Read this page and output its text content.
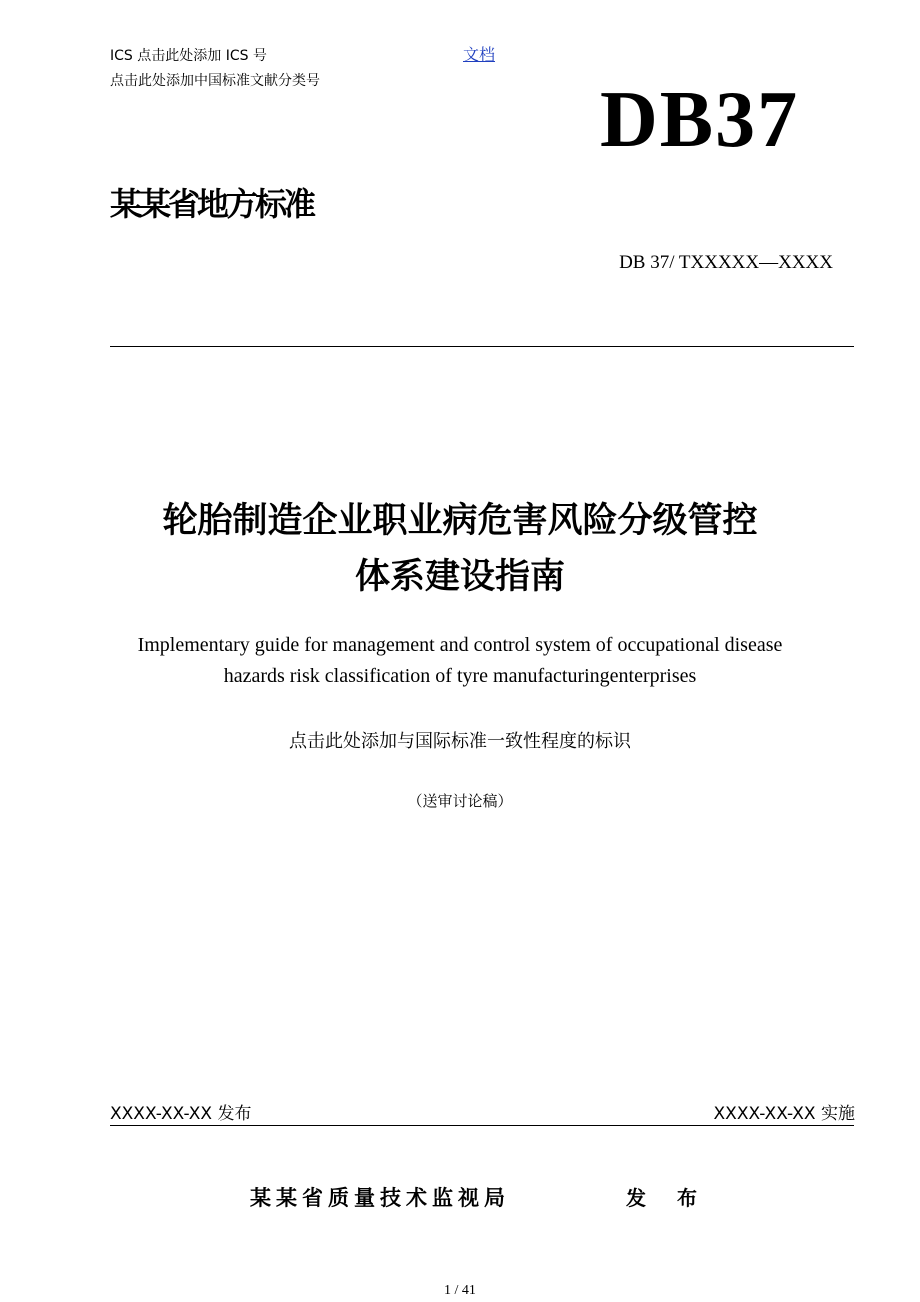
文档
ICS 点击此处添加 ICS 号
点击此处添加中国标准文献分类号	DB37
某某省地方标准
DB 37/ TXXXXX—XXXX
轮胎制造企业职业病危害风险分级管控
体系建设指南
Implementary guide for management and control system of occupational disease
hazards risk classification of tyre manufacturingenterprises
点击此处添加与国际标准一致性程度的标识
（送审讨论稿）
XXXX-XX-XX 发布	XXXX-XX-XX 实施
某某省质量技术监视局	发 布
1 / 41
